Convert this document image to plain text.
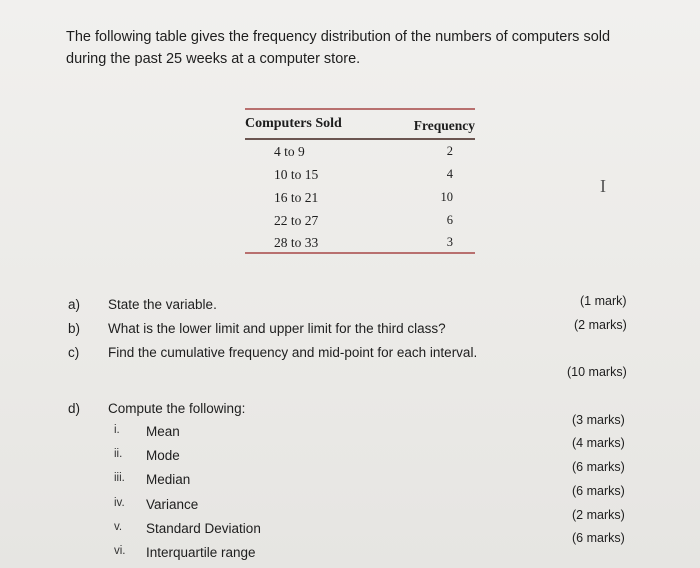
The following table gives the frequency distribution of the numbers of computers sold
during the past 25 weeks at a computer store.
Computers Sold	Frequency
4 to 9	2
10 to 15	4
16 to 21	10
22 to 27	6
28 to 33	3
I
a) State the variable.	(1 mark)
b) What is the lower limit and upper limit for the third class?	(2 marks)
c) Find the cumulative frequency and mid-point for each interval.
(10 marks)
d) Compute the following:
i. Mean
(3 marks)
ii. Mode
(4 marks)
iii. Median
(6 marks)
iv. Variance
(6 marks)
v. Standard Deviation
(2 marks)
vi. Interquartile range
(6 marks)
